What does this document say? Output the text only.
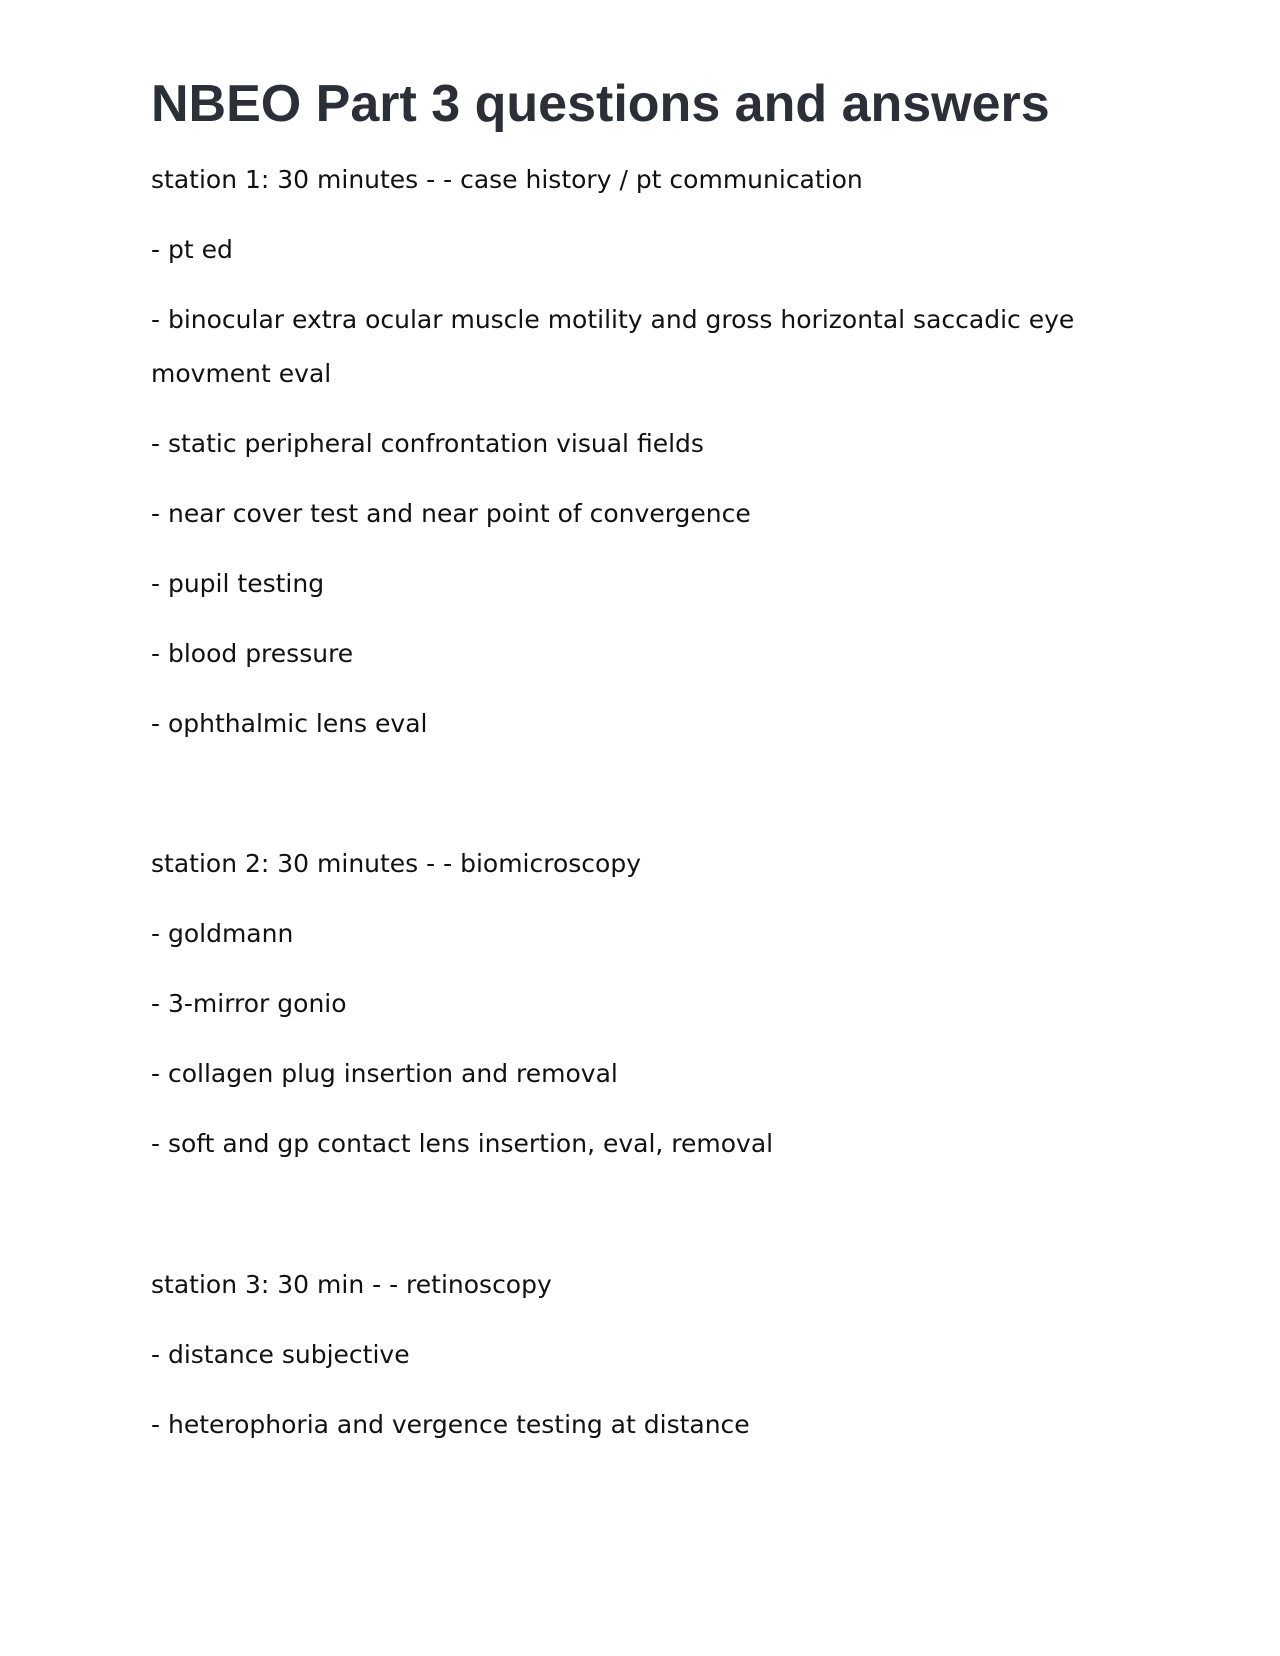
NBEO Part 3 questions and answers

station 1: 30 minutes - - case history / pt communication

- pt ed

- binocular extra ocular muscle motility and gross horizontal saccadic eye

movment eval

- static peripheral confrontation visual fields

- near cover test and near point of convergence

- pupil testing

- blood pressure

- ophthalmic lens eval

station 2: 30 minutes - - biomicroscopy

- goldmann

- 3-mirror gonio

- collagen plug insertion and removal

- soft and gp contact lens insertion, eval, removal

station 3: 30 min - - retinoscopy

- distance subjective

- heterophoria and vergence testing at distance
